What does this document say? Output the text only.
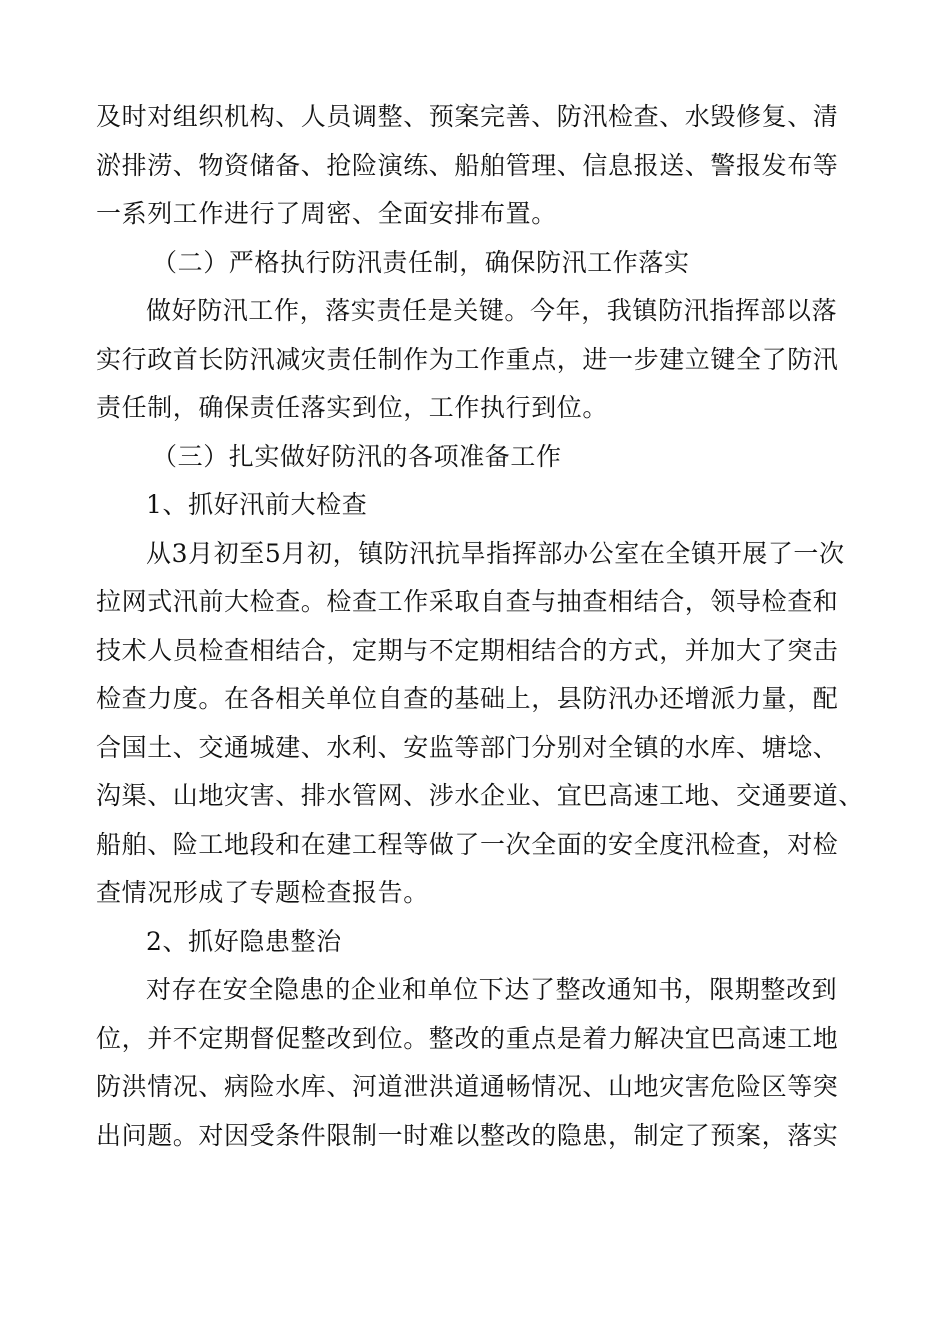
及时对组织机构、人员调整、预案完善、防汛检查、水毁修复、清
淤排涝、物资储备、抢险演练、船舶管理、信息报送、警报发布等
一系列工作进行了周密、全面安排布置。
（二）严格执行防汛责任制，确保防汛工作落实
做好防汛工作，落实责任是关键。今年，我镇防汛指挥部以落
实行政首长防汛减灾责任制作为工作重点，进一步建立键全了防汛
责任制，确保责任落实到位，工作执行到位。
（三）扎实做好防汛的各项准备工作
1、抓好汛前大检查
从3月初至5月初，镇防汛抗旱指挥部办公室在全镇开展了一次
拉网式汛前大检查。检查工作采取自查与抽查相结合，领导检查和
技术人员检查相结合，定期与不定期相结合的方式，并加大了突击
检查力度。在各相关单位自查的基础上，县防汛办还增派力量，配
合国土、交通城建、水利、安监等部门分别对全镇的水库、塘埝、
沟渠、山地灾害、排水管网、涉水企业、宜巴高速工地、交通要道、
船舶、险工地段和在建工程等做了一次全面的安全度汛检查，对检
查情况形成了专题检查报告。
2、抓好隐患整治
对存在安全隐患的企业和单位下达了整改通知书，限期整改到
位，并不定期督促整改到位。整改的重点是着力解决宜巴高速工地
防洪情况、病险水库、河道泄洪道通畅情况、山地灾害危险区等突
出问题。对因受条件限制一时难以整改的隐患，制定了预案，落实
